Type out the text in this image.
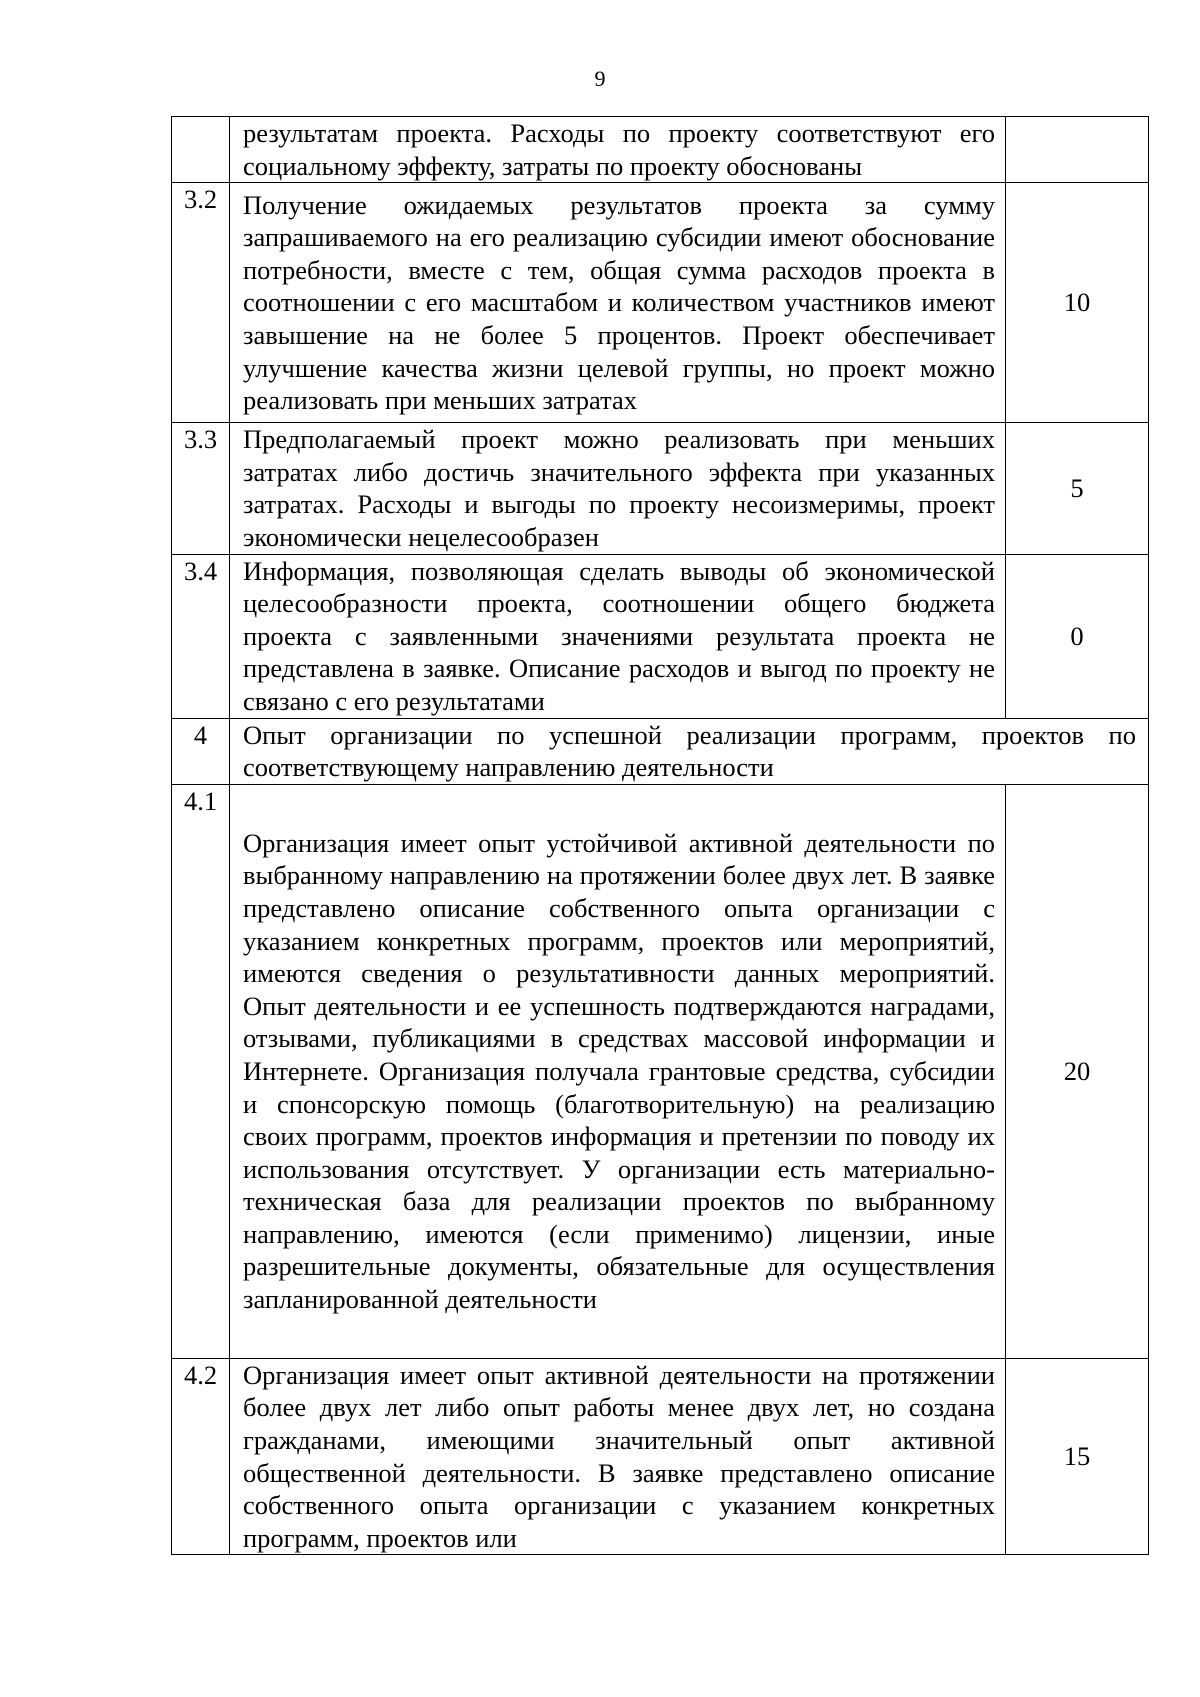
9
	результатам проекта. Расходы по проекту соответствуют его социальному эффекту, затраты по проекту обоснованы	
3.2	Получение ожидаемых результатов проекта за сумму запрашиваемого на его реализацию субсидии имеют обоснование потребности, вместе с тем, общая сумма расходов проекта в соотношении с его масштабом и количеством участников имеют завышение на не более 5 процентов. Проект обеспечивает улучшение качества жизни целевой группы, но проект можно реализовать при меньших затратах	10
3.3	Предполагаемый проект можно реализовать при меньших затратах либо достичь значительного эффекта при указанных затратах. Расходы и выгоды по проекту несоизмеримы, проект экономически нецелесообразен	5
3.4	Информация, позволяющая сделать выводы об экономической целесообразности проекта, соотношении общего бюджета проекта с заявленными значениями результата проекта не представлена в заявке. Описание расходов и выгод по проекту не связано с его результатами	0
4	Опыт организации по успешной реализации программ, проектов по соответствующему направлению деятельности	
4.1	Организация имеет опыт устойчивой активной деятельности по выбранному направлению на протяжении более двух лет. В заявке представлено описание собственного опыта организации с указанием конкретных программ, проектов или мероприятий, имеются сведения о результативности данных мероприятий. Опыт деятельности и ее успешность подтверждаются наградами, отзывами, публикациями в средствах массовой информации и Интернете. Организация получала грантовые средства, субсидии и спонсорскую помощь (благотворительную) на реализацию своих программ, проектов информация и претензии по поводу их использования отсутствует. У организации есть материально-техническая база для реализации проектов по выбранному направлению, имеются (если применимо) лицензии, иные разрешительные документы, обязательные для осуществления запланированной деятельности	20
4.2	Организация имеет опыт активной деятельности на протяжении более двух лет либо опыт работы менее двух лет, но создана гражданами, имеющими значительный опыт активной общественной деятельности. В заявке представлено описание собственного опыта организации с указанием конкретных программ, проектов или	15
